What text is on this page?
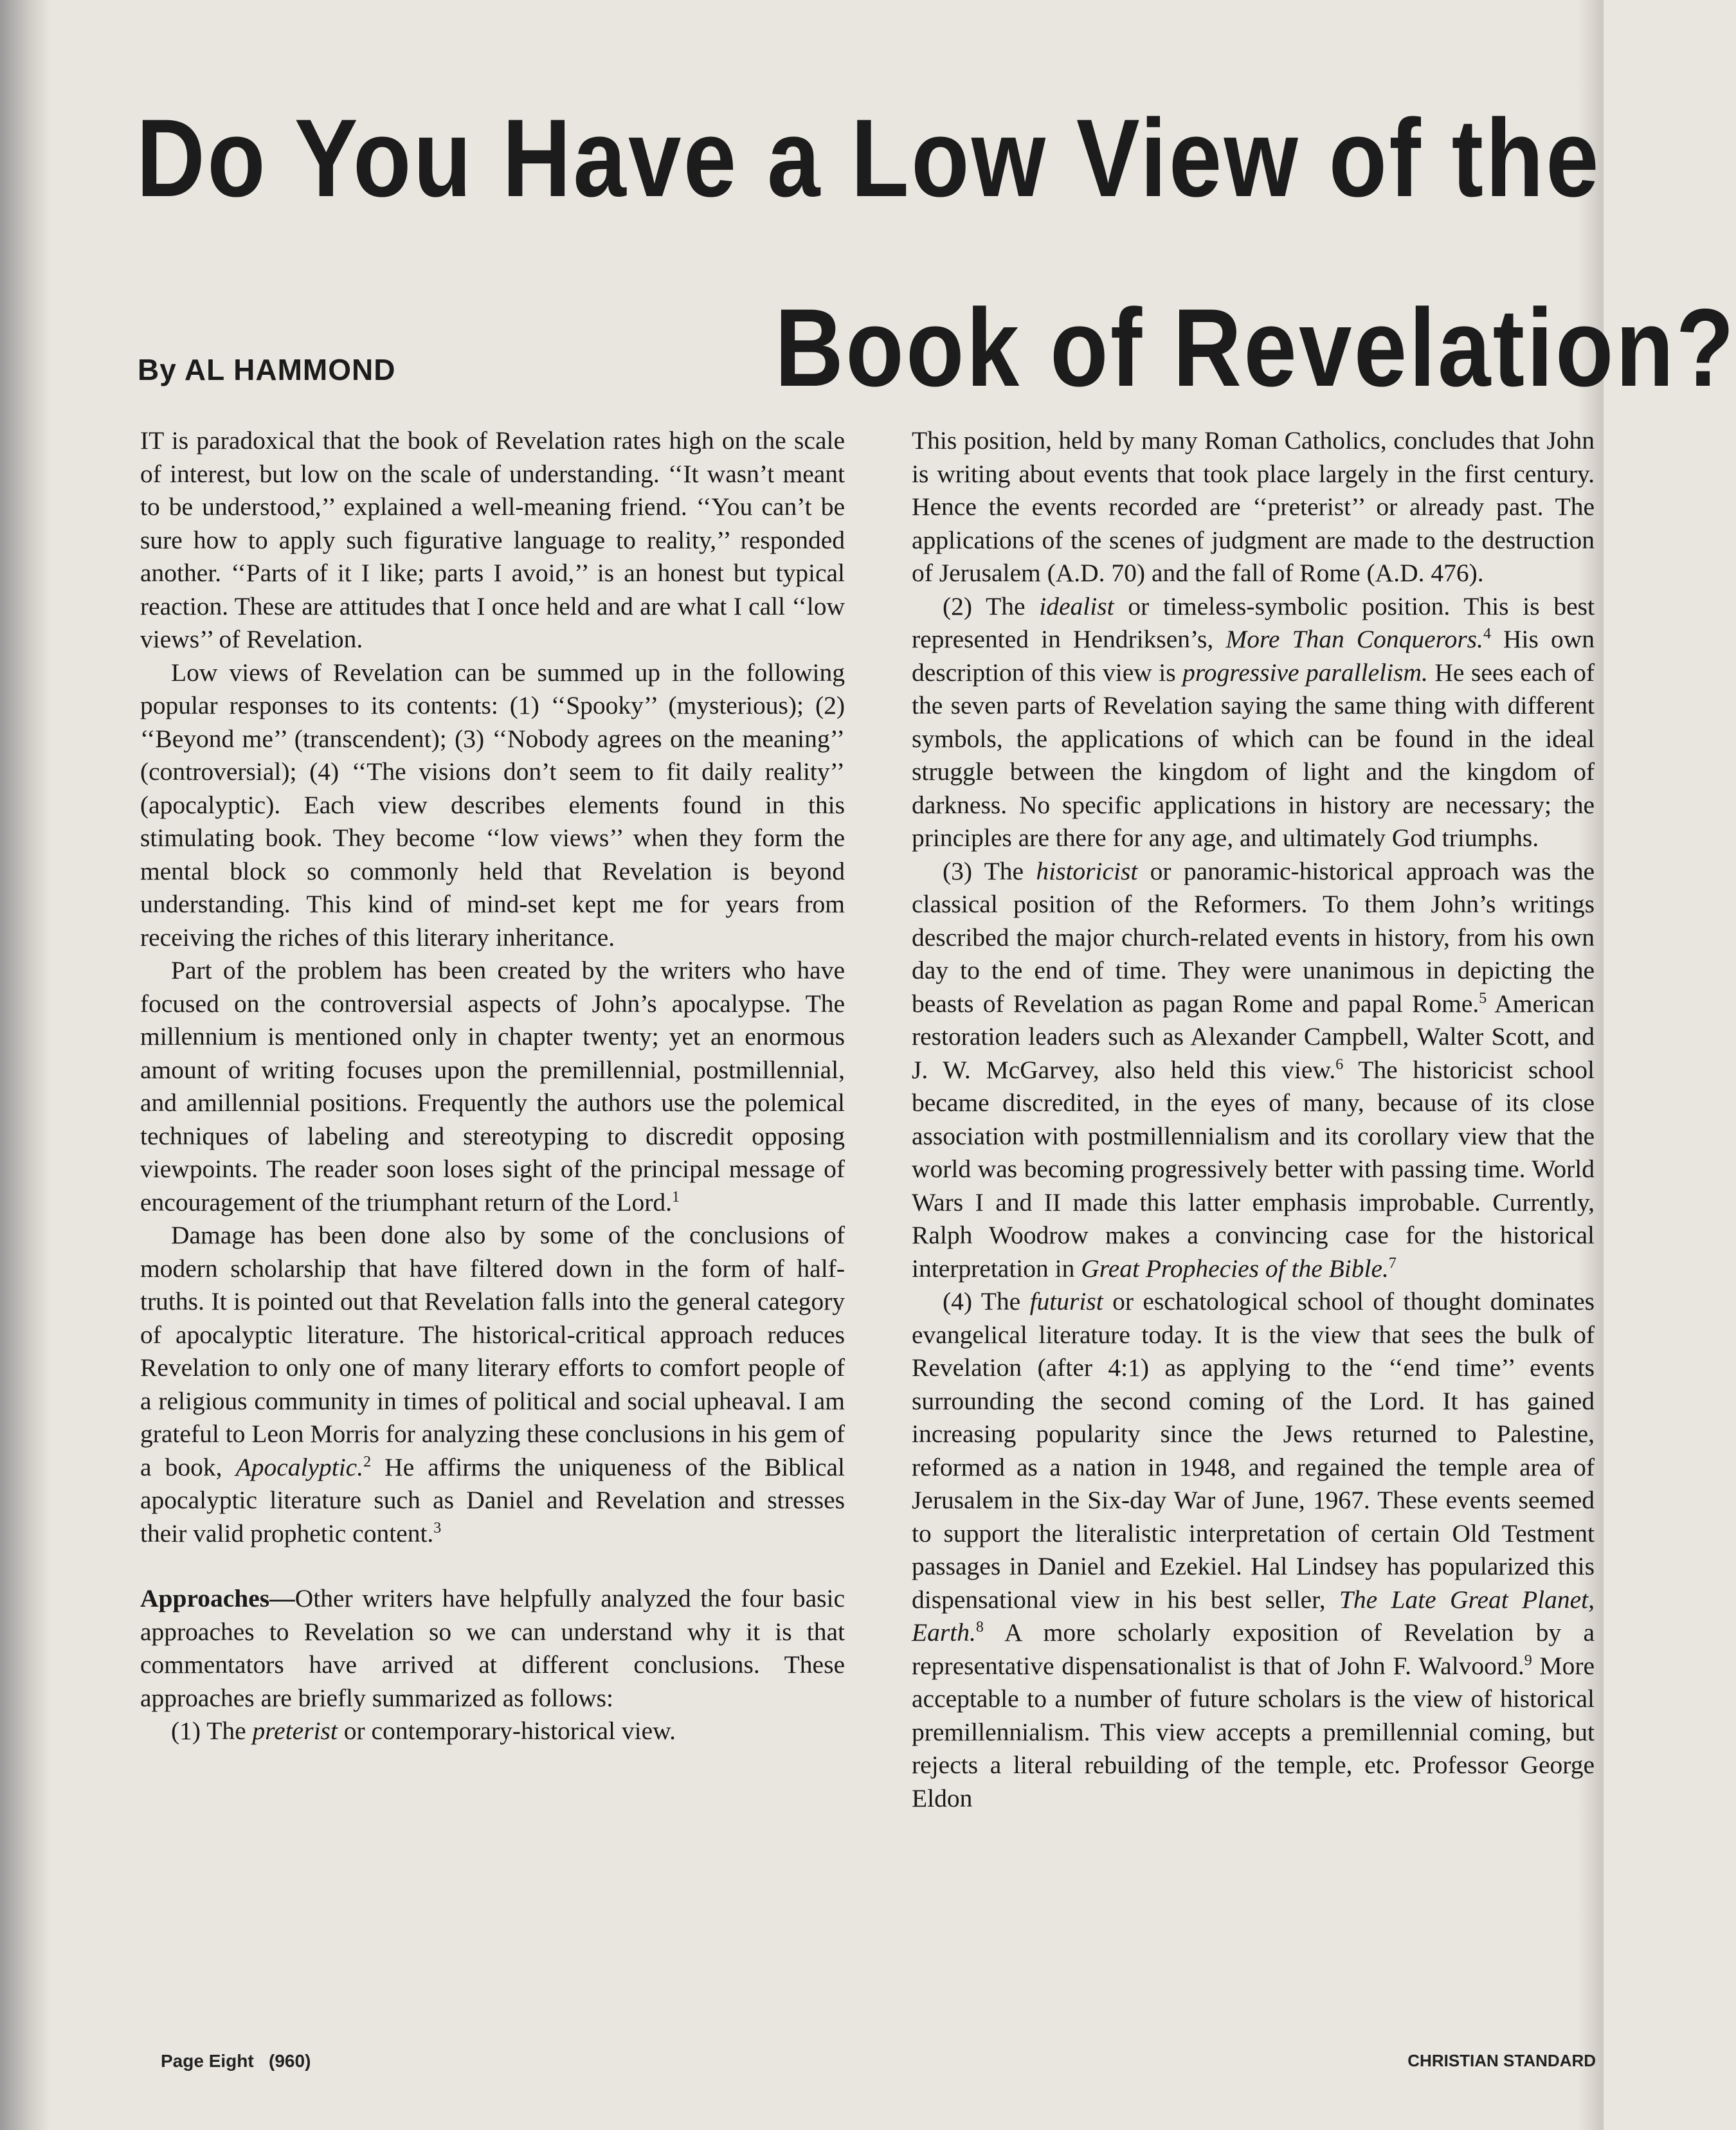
Do You Have a Low View of the
Book of Revelation?
By AL HAMMOND

IT is paradoxical that the book of Revelation rates high on the scale of interest, but low on the scale of understanding. ‘‘It wasn’t meant to be understood,’’ explained a well-meaning friend. ‘‘You can’t be sure how to apply such figurative language to reality,’’ responded another. ‘‘Parts of it I like; parts I avoid,’’ is an honest but typical reaction. These are attitudes that I once held and are what I call ‘‘low views’’ of Revelation.

Low views of Revelation can be summed up in the following popular responses to its contents: (1) ‘‘Spooky’’ (mysterious); (2) ‘‘Beyond me’’ (transcendent); (3) ‘‘Nobody agrees on the meaning’’ (controversial); (4) ‘‘The visions don’t seem to fit daily reality’’ (apocalyptic). Each view describes elements found in this stimulating book. They become ‘‘low views’’ when they form the mental block so commonly held that Revelation is beyond understanding. This kind of mind-set kept me for years from receiving the riches of this literary inheritance.

Part of the problem has been created by the writers who have focused on the controversial aspects of John’s apocalypse. The millennium is mentioned only in chapter twenty; yet an enormous amount of writing focuses upon the premillennial, postmillennial, and amillennial positions. Frequently the authors use the polemical techniques of labeling and stereotyping to discredit opposing viewpoints. The reader soon loses sight of the principal message of encouragement of the triumphant return of the Lord.$^1$

Damage has been done also by some of the conclusions of modern scholarship that have filtered down in the form of half-truths. It is pointed out that Revelation falls into the general category of apocalyptic literature. The historical-critical approach reduces Revelation to only one of many literary efforts to comfort people of a religious community in times of political and social upheaval. I am grateful to Leon Morris for analyzing these conclusions in his gem of a book, Apocalyptic.$^2$ He affirms the uniqueness of the Biblical apocalyptic literature such as Daniel and Revelation and stresses their valid prophetic content.$^3$

Approaches—Other writers have helpfully analyzed the four basic approaches to Revelation so we can understand why it is that commentators have arrived at different conclusions. These approaches are briefly summarized as follows:

(1) The preterist or contemporary-historical view.

This position, held by many Roman Catholics, concludes that John is writing about events that took place largely in the first century. Hence the events recorded are ‘‘preterist’’ or already past. The applications of the scenes of judgment are made to the destruction of Jerusalem (A.D. 70) and the fall of Rome (A.D. 476).

(2) The idealist or timeless-symbolic position. This is best represented in Hendriksen’s, More Than Conquerors.$^4$ His own description of this view is progressive parallelism. He sees each of the seven parts of Revelation saying the same thing with different symbols, the applications of which can be found in the ideal struggle between the kingdom of light and the kingdom of darkness. No specific applications in history are necessary; the principles are there for any age, and ultimately God triumphs.

(3) The historicist or panoramic-historical approach was the classical position of the Reformers. To them John’s writings described the major church-related events in history, from his own day to the end of time. They were unanimous in depicting the beasts of Revelation as pagan Rome and papal Rome.$^5$ American restoration leaders such as Alexander Campbell, Walter Scott, and J. W. McGarvey, also held this view.$^6$ The historicist school became discredited, in the eyes of many, because of its close association with postmillennialism and its corollary view that the world was becoming progressively better with passing time. World Wars I and II made this latter emphasis improbable. Currently, Ralph Woodrow makes a convincing case for the historical interpretation in Great Prophecies of the Bible.$^7$

(4) The futurist or eschatological school of thought dominates evangelical literature today. It is the view that sees the bulk of Revelation (after 4:1) as applying to the ‘‘end time’’ events surrounding the second coming of the Lord. It has gained increasing popularity since the Jews returned to Palestine, reformed as a nation in 1948, and regained the temple area of Jerusalem in the Six-day War of June, 1967. These events seemed to support the literalistic interpretation of certain Old Testment passages in Daniel and Ezekiel. Hal Lindsey has popularized this dispensational view in his best seller, The Late Great Planet, Earth.$^8$ A more scholarly exposition of Revelation by a representative dispensationalist is that of John F. Walvoord.$^9$ More acceptable to a number of future scholars is the view of historical premillennialism. This view accepts a premillennial coming, but rejects a literal rebuilding of the temple, etc. Professor George Eldon

Page Eight   (960)	CHRISTIAN STANDARD
